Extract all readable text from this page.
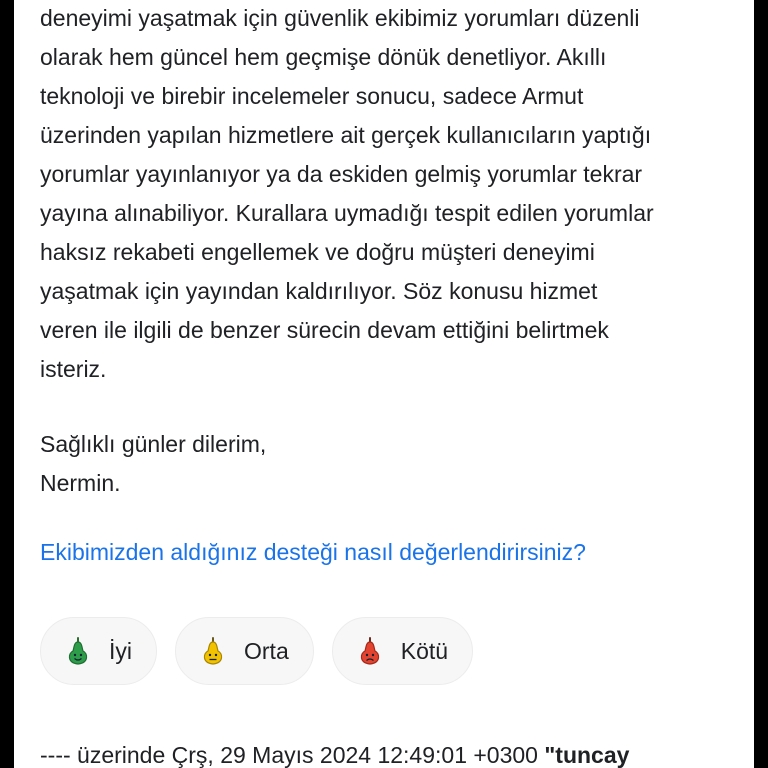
deneyimi yaşatmak için güvenlik ekibimiz yorumları düzenli
olarak hem güncel hem geçmişe dönük denetliyor. Akıllı
teknoloji ve birebir incelemeler sonucu, sadece Armut
üzerinden yapılan hizmetlere ait gerçek kullanıcıların yaptığı
yorumlar yayınlanıyor ya da eskiden gelmiş yorumlar tekrar
yayına alınabiliyor. Kurallara uymadığı tespit edilen yorumlar
haksız rekabeti engellemek ve doğru müşteri deneyimi
yaşatmak için yayından kaldırılıyor. Söz konusu hizmet
veren ile ilgili de benzer sürecin devam ettiğini belirtmek
isteriz.

Sağlıklı günler dilerim,
Nermin.

Ekibimizden aldığınız desteği nasıl değerlendirirsiniz?
İyi	Orta	Kötü
---- üzerinde Çrş, 29 Mayıs 2024 12:49:01 +0300 "tuncay
